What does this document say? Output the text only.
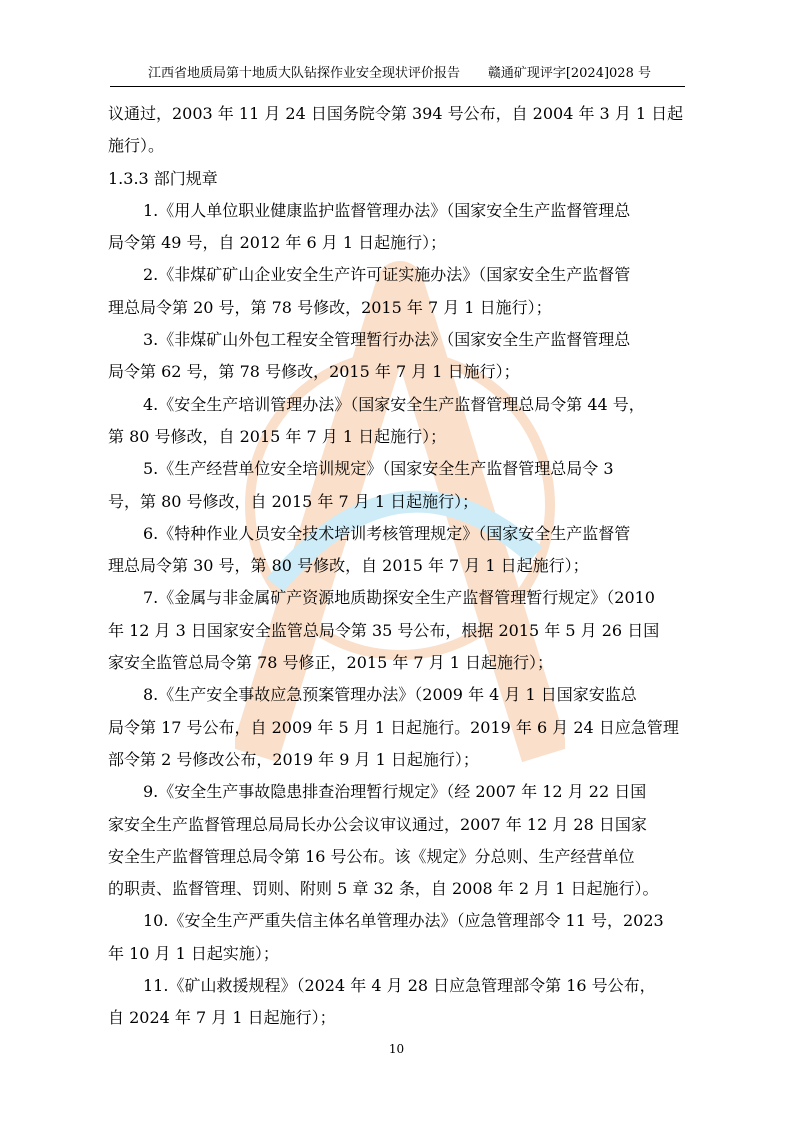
江西省地质局第十地质大队钻探作业安全现状评价报告 赣通矿现评字[2024]028 号
议通过，2003 年 11 月 24 日国务院令第 394 号公布，自 2004 年 3 月 1 日起
施行）。
1.3.3 部门规章
1.《用人单位职业健康监护监督管理办法》（国家安全生产监督管理总
局令第 49 号，自 2012 年 6 月 1 日起施行）；
2.《非煤矿矿山企业安全生产许可证实施办法》（国家安全生产监督管
理总局令第 20 号，第 78 号修改，2015 年 7 月 1 日施行）；
3.《非煤矿山外包工程安全管理暂行办法》（国家安全生产监督管理总
局令第 62 号，第 78 号修改，2015 年 7 月 1 日施行）；
4.《安全生产培训管理办法》（国家安全生产监督管理总局令第 44 号，
第 80 号修改，自 2015 年 7 月 1 日起施行）；
5.《生产经营单位安全培训规定》（国家安全生产监督管理总局令 3
号，第 80 号修改，自 2015 年 7 月 1 日起施行）；
6.《特种作业人员安全技术培训考核管理规定》（国家安全生产监督管
理总局令第 30 号，第 80 号修改，自 2015 年 7 月 1 日起施行）；
7.《金属与非金属矿产资源地质勘探安全生产监督管理暂行规定》（2010
年 12 月 3 日国家安全监管总局令第 35 号公布，根据 2015 年 5 月 26 日国
家安全监管总局令第 78 号修正，2015 年 7 月 1 日起施行）；
8.《生产安全事故应急预案管理办法》（2009 年 4 月 1 日国家安监总
局令第 17 号公布，自 2009 年 5 月 1 日起施行。2019 年 6 月 24 日应急管理
部令第 2 号修改公布，2019 年 9 月 1 日起施行）；
9.《安全生产事故隐患排查治理暂行规定》（经 2007 年 12 月 22 日国
家安全生产监督管理总局局长办公会议审议通过，2007 年 12 月 28 日国家
安全生产监督管理总局令第 16 号公布。该《规定》分总则、生产经营单位
的职责、监督管理、罚则、附则 5 章 32 条，自 2008 年 2 月 1 日起施行）。
10.《安全生产严重失信主体名单管理办法》（应急管理部令 11 号，2023
年 10 月 1 日起实施）；
11.《矿山救援规程》（2024 年 4 月 28 日应急管理部令第 16 号公布，
自 2024 年 7 月 1 日起施行）；
10
